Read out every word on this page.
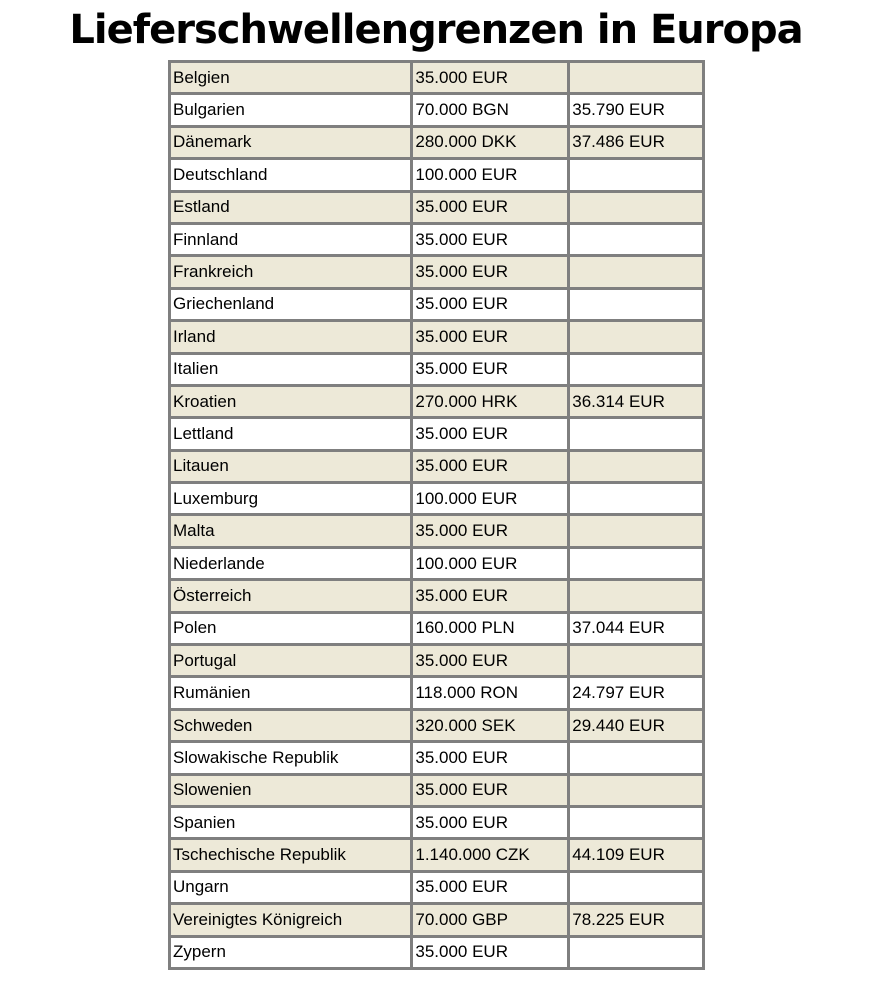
Lieferschwellengrenzen in Europa
Belgien	35.000 EUR	
Bulgarien	70.000 BGN	35.790 EUR
Dänemark	280.000 DKK	37.486 EUR
Deutschland	100.000 EUR	
Estland	35.000 EUR	
Finnland	35.000 EUR	
Frankreich	35.000 EUR	
Griechenland	35.000 EUR	
Irland	35.000 EUR	
Italien	35.000 EUR	
Kroatien	270.000 HRK	36.314 EUR
Lettland	35.000 EUR	
Litauen	35.000 EUR	
Luxemburg	100.000 EUR	
Malta	35.000 EUR	
Niederlande	100.000 EUR	
Österreich	35.000 EUR	
Polen	160.000 PLN	37.044 EUR
Portugal	35.000 EUR	
Rumänien	118.000 RON	24.797 EUR
Schweden	320.000 SEK	29.440 EUR
Slowakische Republik	35.000 EUR	
Slowenien	35.000 EUR	
Spanien	35.000 EUR	
Tschechische Republik	1.140.000 CZK	44.109 EUR
Ungarn	35.000 EUR	
Vereinigtes Königreich	70.000 GBP	78.225 EUR
Zypern	35.000 EUR	
